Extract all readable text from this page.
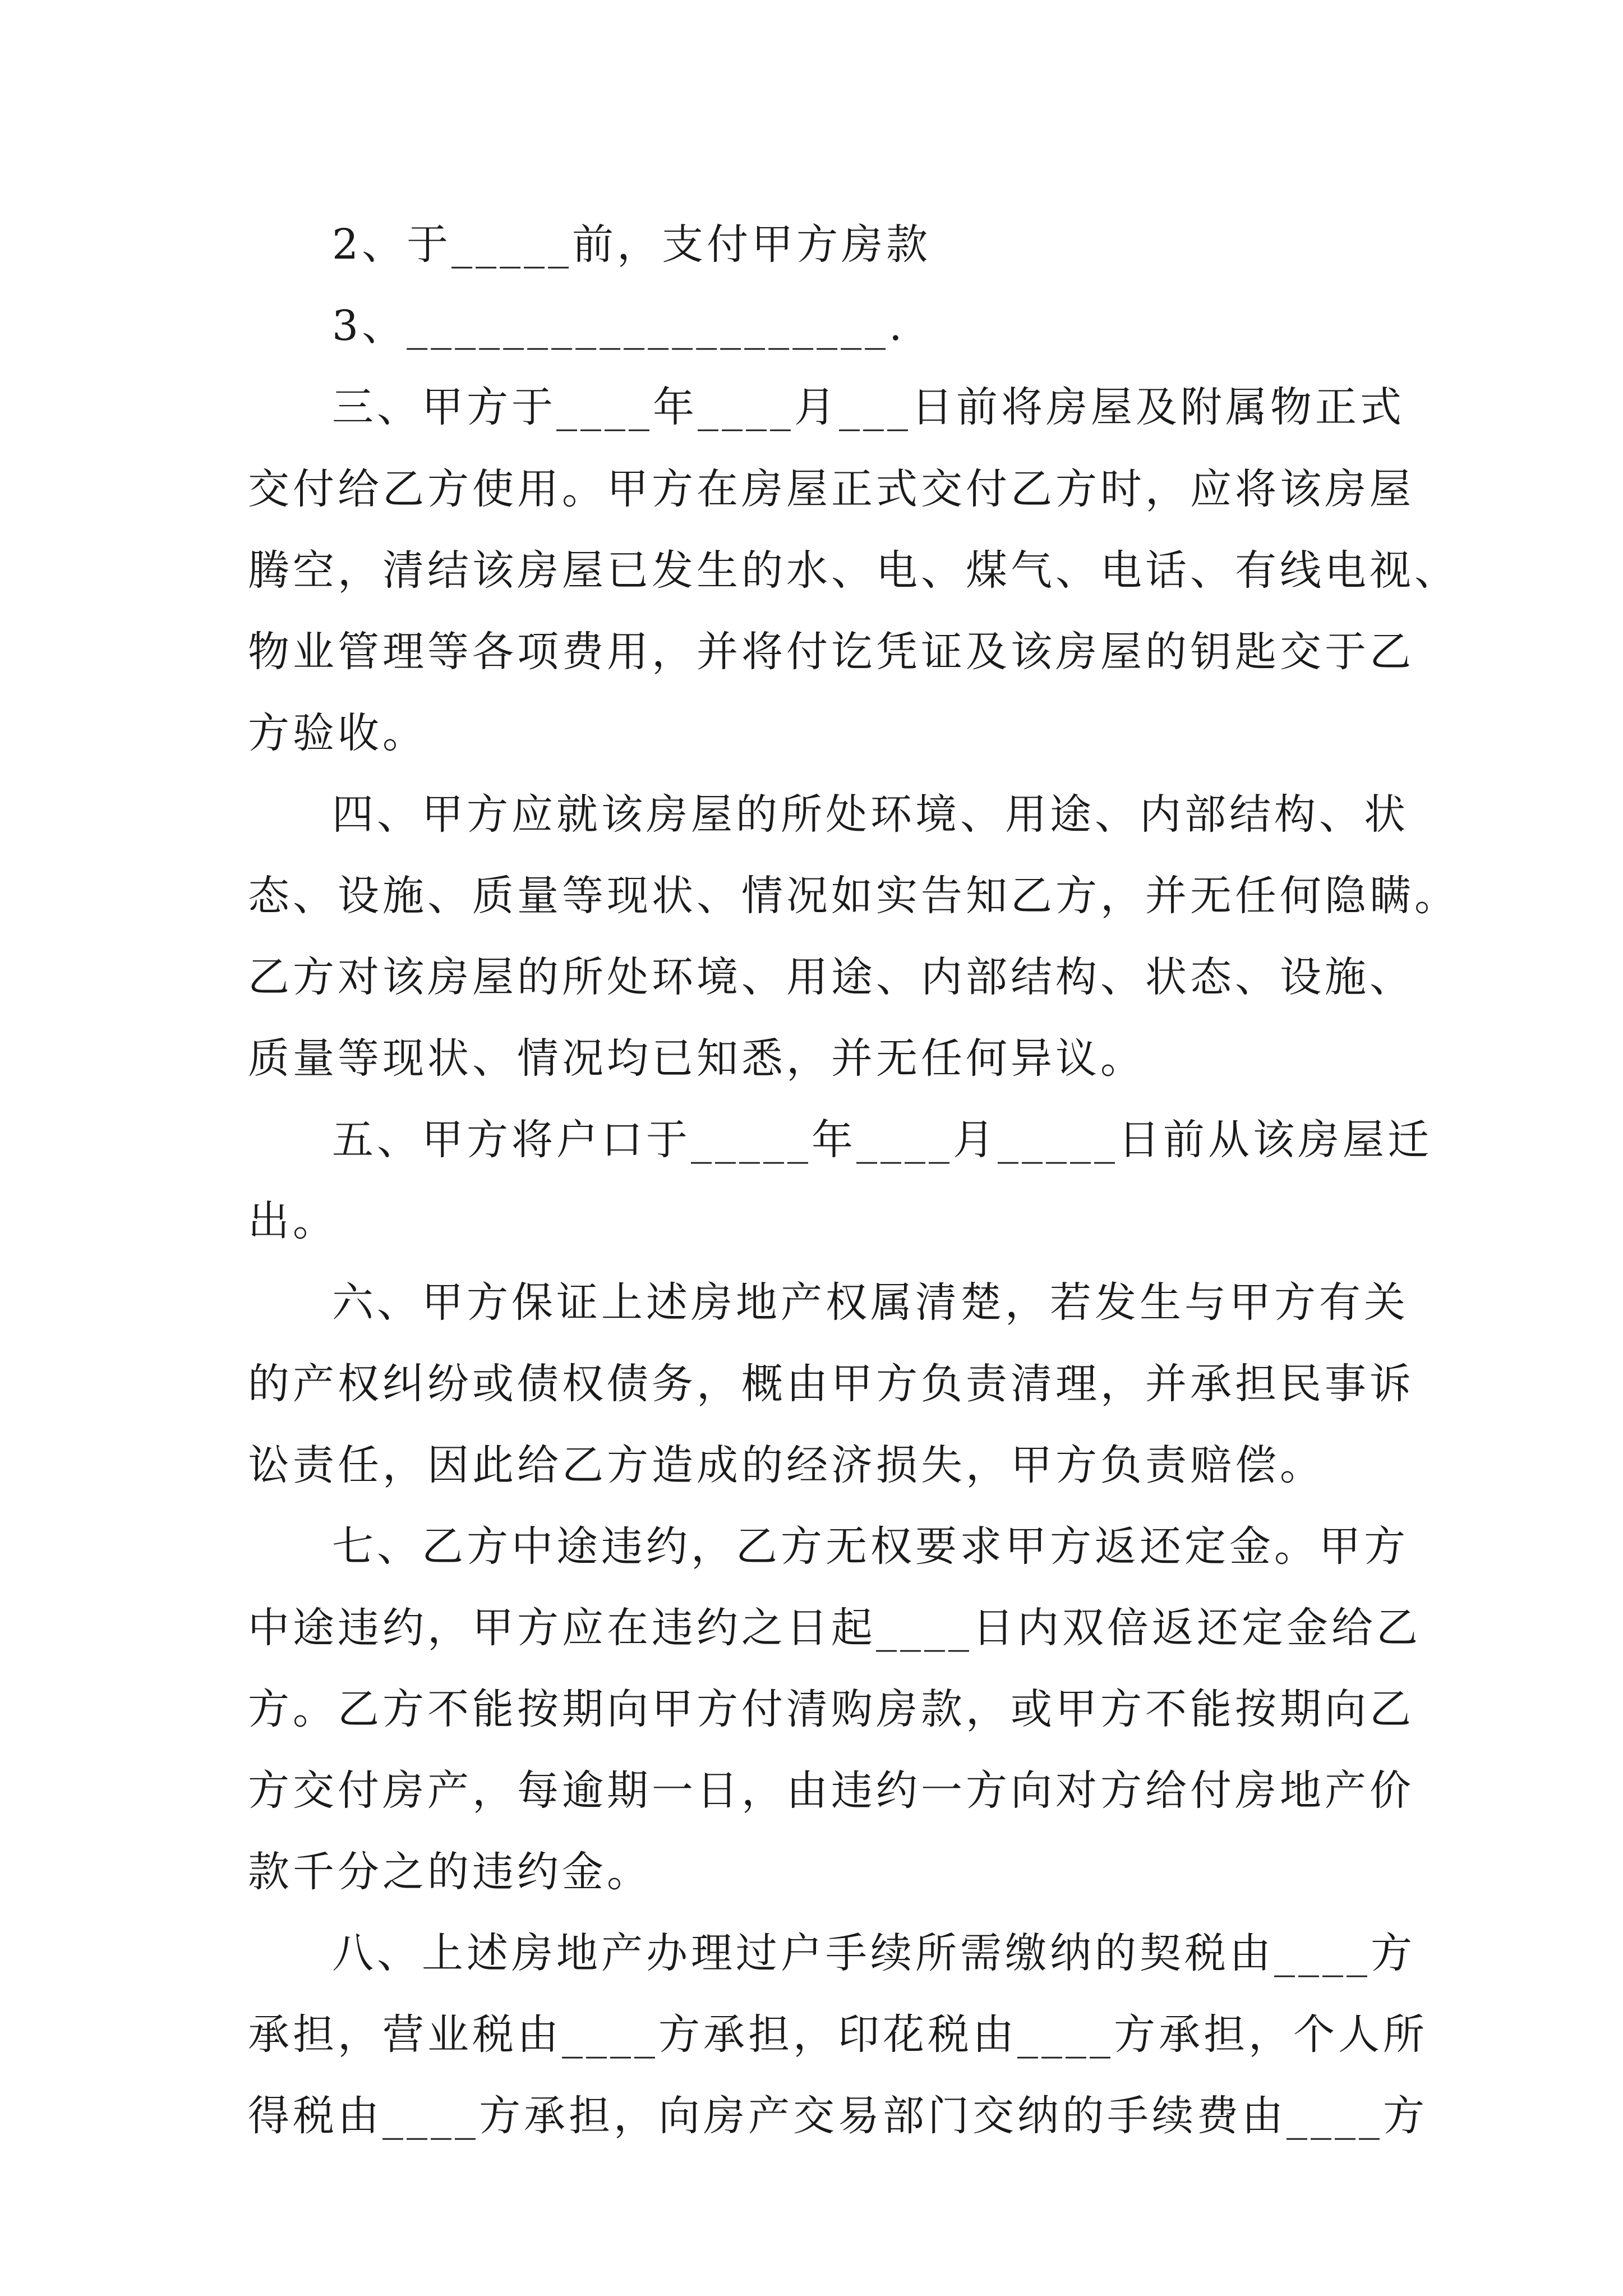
2、于_____前，支付甲方房款
3、____________________.
三、甲方于____年____月___日前将房屋及附属物正式
交付给乙方使用。甲方在房屋正式交付乙方时，应将该房屋
腾空，清结该房屋已发生的水、电、煤气、电话、有线电视、
物业管理等各项费用，并将付讫凭证及该房屋的钥匙交于乙
方验收。
四、甲方应就该房屋的所处环境、用途、内部结构、状
态、设施、质量等现状、情况如实告知乙方，并无任何隐瞒。
乙方对该房屋的所处环境、用途、内部结构、状态、设施、
质量等现状、情况均已知悉，并无任何异议。
五、甲方将户口于_____年____月_____日前从该房屋迁
出。
六、甲方保证上述房地产权属清楚，若发生与甲方有关
的产权纠纷或债权债务，概由甲方负责清理，并承担民事诉
讼责任，因此给乙方造成的经济损失，甲方负责赔偿。
七、乙方中途违约，乙方无权要求甲方返还定金。甲方
中途违约，甲方应在违约之日起____日内双倍返还定金给乙
方。乙方不能按期向甲方付清购房款，或甲方不能按期向乙
方交付房产，每逾期一日，由违约一方向对方给付房地产价
款千分之的违约金。
八、上述房地产办理过户手续所需缴纳的契税由____方
承担，营业税由____方承担，印花税由____方承担，个人所
得税由____方承担，向房产交易部门交纳的手续费由____方
